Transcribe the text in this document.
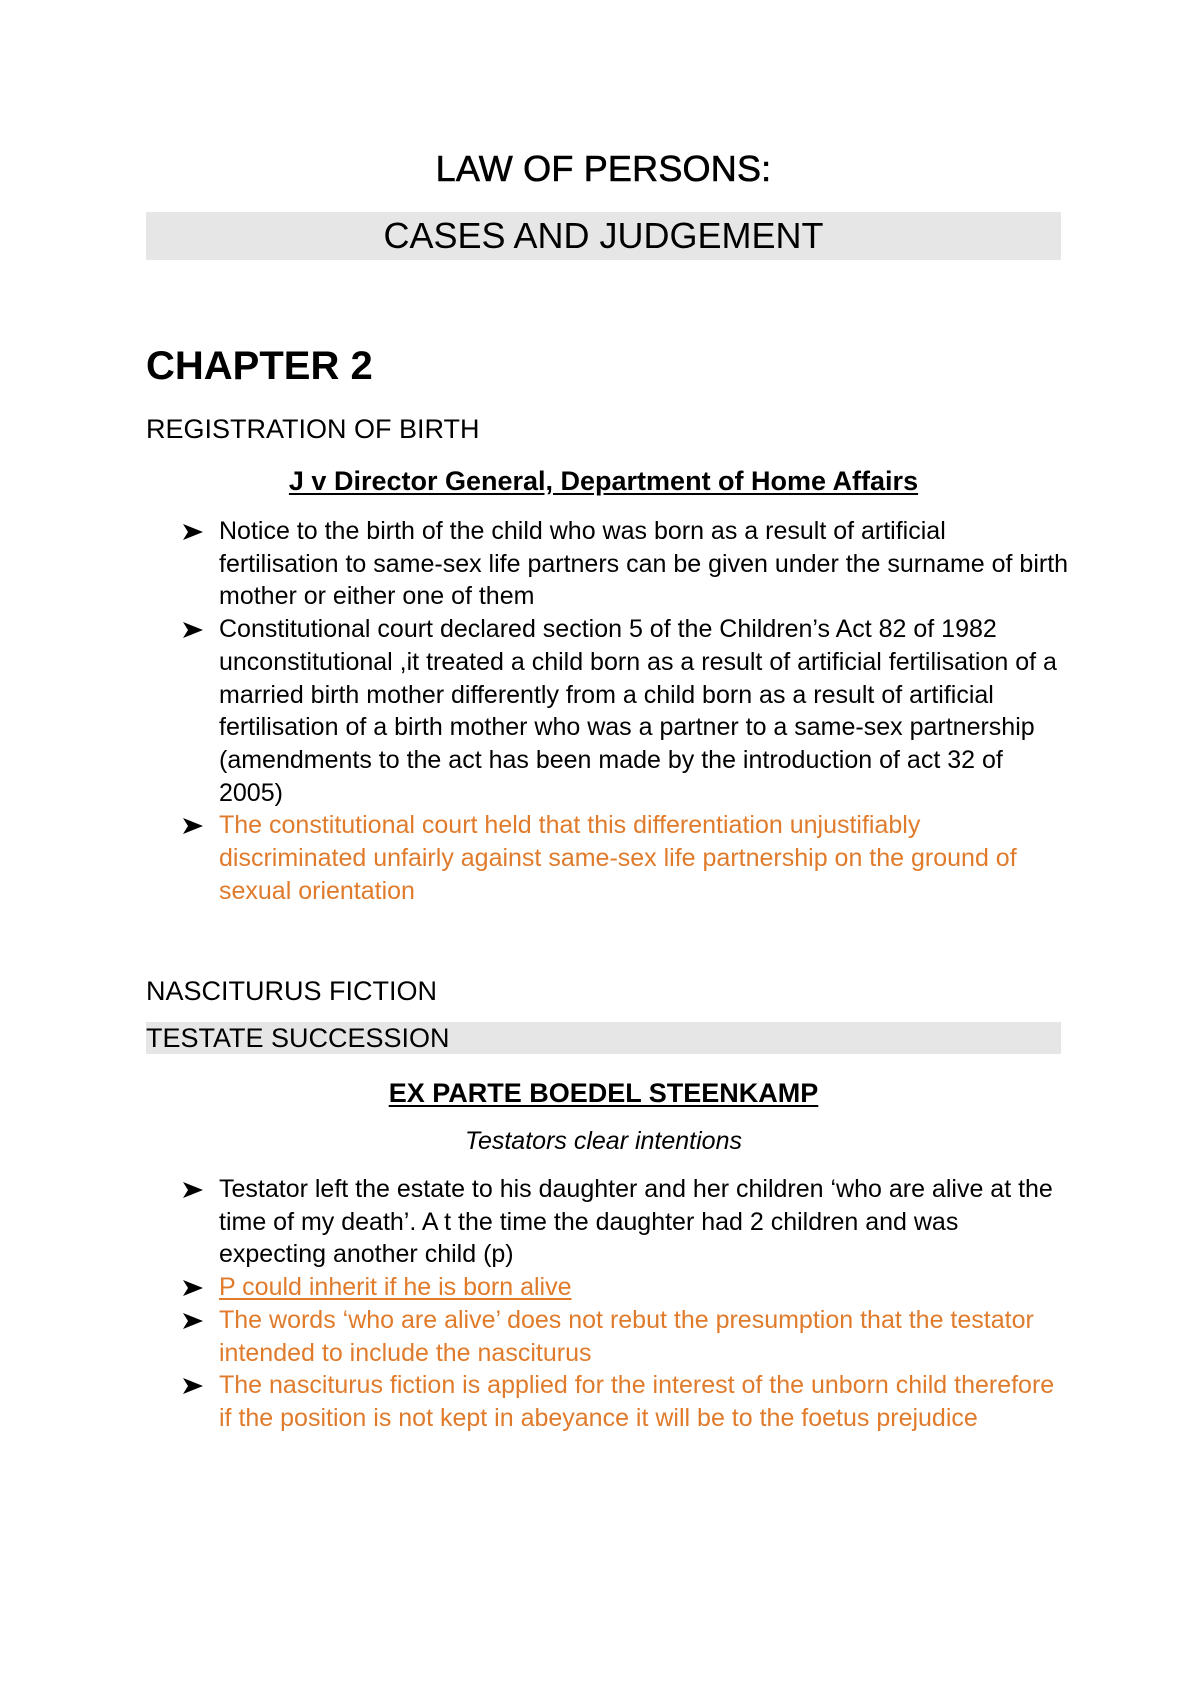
LAW OF PERSONS:
CASES AND JUDGEMENT
CHAPTER 2

REGISTRATION OF BIRTH

J v Director General, Department of Home Affairs

Notice to the birth of the child who was born as a result of artificial fertilisation to same-sex life partners can be given under the surname of birth mother or either one of them
Constitutional court declared section 5 of the Children’s Act 82 of 1982 unconstitutional ,it treated a child born as a result of artificial fertilisation of a married birth mother differently from a child born as a result of artificial fertilisation of a birth mother who was a partner to a same-sex partnership (amendments to the act has been made by the introduction of act 32 of 2005)
The constitutional court held that this differentiation unjustifiably discriminated unfairly against same-sex life partnership on the ground of sexual orientation

NASCITURUS FICTION

TESTATE SUCCESSION

EX PARTE BOEDEL STEENKAMP

Testators clear intentions

Testator left the estate to his daughter and her children ‘who are alive at the time of my death’. A t the time the daughter had 2 children and was expecting another child (p)
P could inherit if he is born alive
The words ‘who are alive’ does not rebut the presumption that the testator intended to include the nasciturus
The nasciturus fiction is applied for the interest of the unborn child therefore if the position is not kept in abeyance it will be to the foetus prejudice
